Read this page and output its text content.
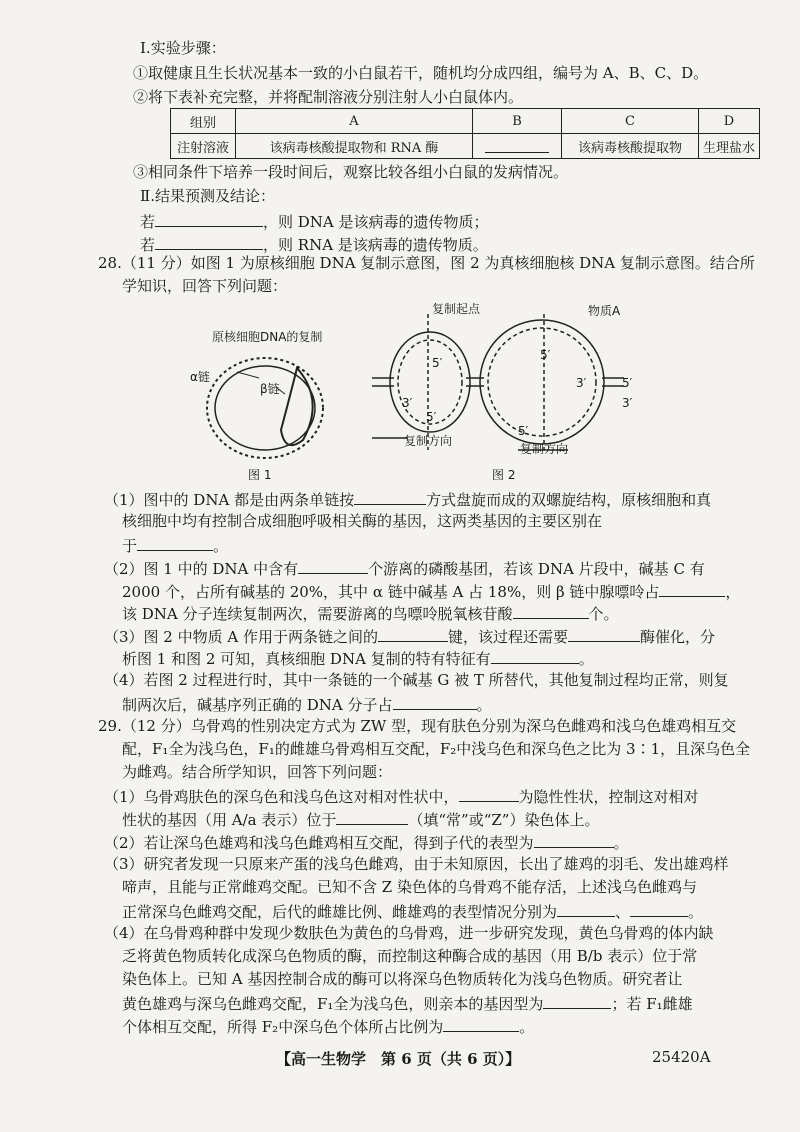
Ⅰ.实验步骤：
①取健康且生长状况基本一致的小白鼠若干，随机均分成四组，编号为 A、B、C、D。
②将下表补充完整，并将配制溶液分别注射人小白鼠体内。
组别	A	B	C	D
注射溶液	该病毒核酸提取物和 RNA 酶		该病毒核酸提取物	生理盐水
③相同条件下培养一段时间后，观察比较各组小白鼠的发病情况。
Ⅱ.结果预测及结论：
若	，则 DNA 是该病毒的遗传物质；
若	，则 RNA 是该病毒的遗传物质。
28.（11 分）如图 1 为原核细胞 DNA 复制示意图，图 2 为真核细胞核 DNA 复制示意图。结合所
学知识，回答下列问题：
原核细胞DNA的复制
α链
β链
图 1
复制起点	物质A
5′
3′
5′
5′
3′	5′
3′
5′
复制方向
复制方向
图 2
（1）图中的 DNA 都是由两条单链按	方式盘旋而成的双螺旋结构，原核细胞和真
核细胞中均有控制合成细胞呼吸相关酶的基因，这两类基因的主要区别在
于	。
（2）图 1 中的 DNA 中含有	个游离的磷酸基团，若该 DNA 片段中，碱基 C 有
2000 个，占所有碱基的 20%，其中 α 链中碱基 A 占 18%，则 β 链中腺嘌呤占	，
该 DNA 分子连续复制两次，需要游离的鸟嘌呤脱氧核苷酸	个。
（3）图 2 中物质 A 作用于两条链之间的	键，该过程还需要	酶催化，分
析图 1 和图 2 可知，真核细胞 DNA 复制的特有特征有	。
（4）若图 2 过程进行时，其中一条链的一个碱基 G 被 T 所替代，其他复制过程均正常，则复
制两次后，碱基序列正确的 DNA 分子占	。
29.（12 分）乌骨鸡的性别决定方式为 ZW 型，现有肤色分别为深乌色雌鸡和浅乌色雄鸡相互交
配，F₁全为浅乌色，F₁的雌雄乌骨鸡相互交配，F₂中浅乌色和深乌色之比为 3∶1，且深乌色全
为雌鸡。结合所学知识，回答下列问题：
（1）乌骨鸡肤色的深乌色和浅乌色这对相对性状中，	为隐性性状，控制这对相对
性状的基因（用 A/a 表示）位于	（填“常”或“Z”）染色体上。
（2）若让深乌色雄鸡和浅乌色雌鸡相互交配，得到子代的表型为	。
（3）研究者发现一只原来产蛋的浅乌色雌鸡，由于未知原因，长出了雄鸡的羽毛、发出雄鸡样
啼声，且能与正常雌鸡交配。已知不含 Z 染色体的乌骨鸡不能存活，上述浅乌色雌鸡与
正常深乌色雌鸡交配，后代的雌雄比例、雌雄鸡的表型情况分别为	、	。
（4）在乌骨鸡种群中发现少数肤色为黄色的乌骨鸡，进一步研究发现，黄色乌骨鸡的体内缺
乏将黄色物质转化成深乌色物质的酶，而控制这种酶合成的基因（用 B/b 表示）位于常
染色体上。已知 A 基因控制合成的酶可以将深乌色物质转化为浅乌色物质。研究者让
黄色雄鸡与深乌色雌鸡交配，F₁全为浅乌色，则亲本的基因型为	；若 F₁雌雄
个体相互交配，所得 F₂中深乌色个体所占比例为	。
【高一生物学　第 6 页（共 6 页）】	25420A
